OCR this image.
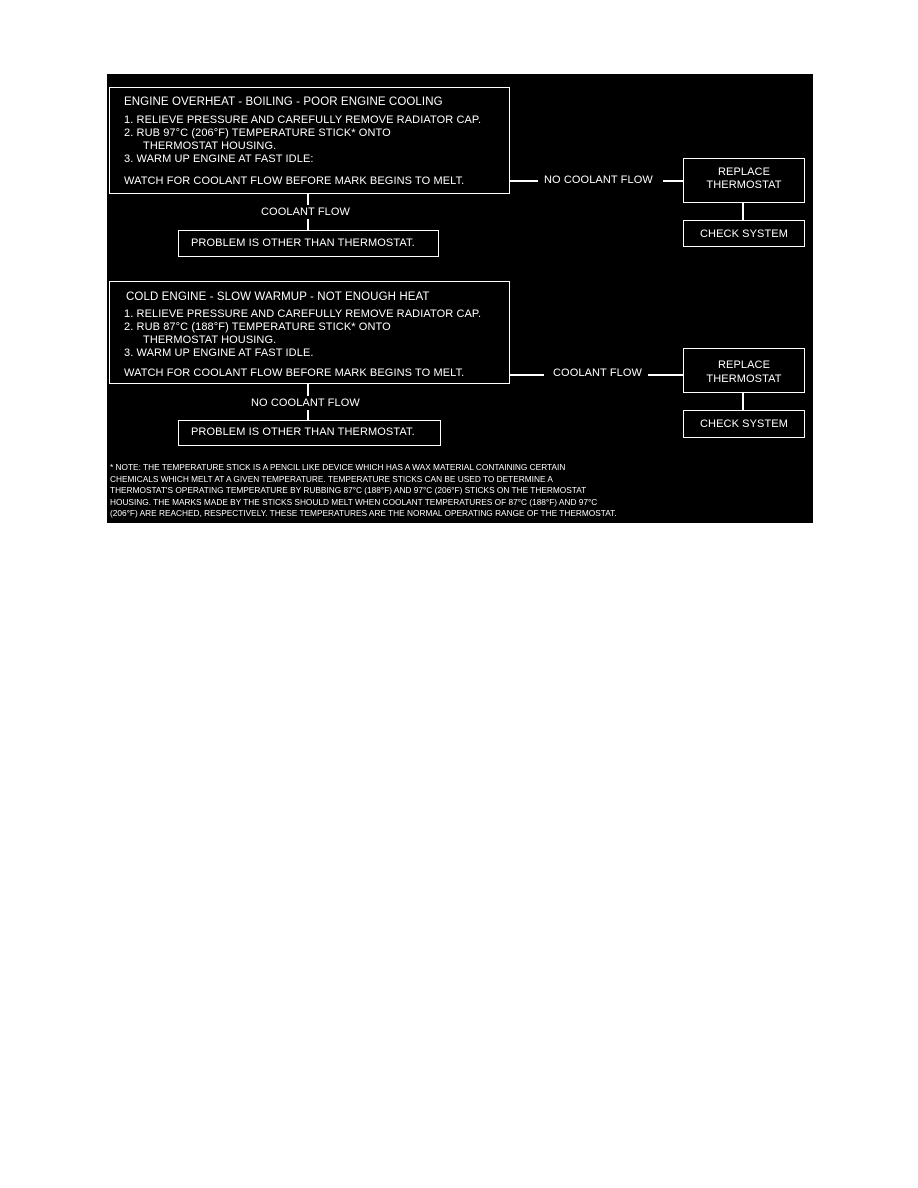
ENGINE OVERHEAT - BOILING - POOR ENGINE COOLING
1. RELIEVE PRESSURE AND CAREFULLY REMOVE RADIATOR CAP.
2. RUB 97°C (206°F) TEMPERATURE STICK* ONTO
THERMOSTAT HOUSING.
3. WARM UP ENGINE AT FAST IDLE:
WATCH FOR COOLANT FLOW BEFORE MARK BEGINS TO MELT.	NO COOLANT FLOW
REPLACE
THERMOSTAT
CHECK SYSTEM
COOLANT FLOW
PROBLEM IS OTHER THAN THERMOSTAT.
COLD ENGINE - SLOW WARMUP - NOT ENOUGH HEAT
1. RELIEVE PRESSURE AND CAREFULLY REMOVE RADIATOR CAP.
2. RUB 87°C (188°F) TEMPERATURE STICK* ONTO
THERMOSTAT HOUSING.
3. WARM UP ENGINE AT FAST IDLE.
WATCH FOR COOLANT FLOW BEFORE MARK BEGINS TO MELT.	COOLANT FLOW
REPLACE
THERMOSTAT
CHECK SYSTEM
NO COOLANT FLOW
PROBLEM IS OTHER THAN THERMOSTAT.
* NOTE: THE TEMPERATURE STICK IS A PENCIL LIKE DEVICE WHICH HAS A WAX MATERIAL CONTAINING CERTAIN
CHEMICALS WHICH MELT AT A GIVEN TEMPERATURE. TEMPERATURE STICKS CAN BE USED TO DETERMINE A
THERMOSTAT'S OPERATING TEMPERATURE BY RUBBING 87°C (188°F) AND 97°C (206°F) STICKS ON THE THERMOSTAT
HOUSING. THE MARKS MADE BY THE STICKS SHOULD MELT WHEN COOLANT TEMPERATURES OF 87°C (188°F) AND 97°C
(206°F) ARE REACHED, RESPECTIVELY. THESE TEMPERATURES ARE THE NORMAL OPERATING RANGE OF THE THERMOSTAT.
